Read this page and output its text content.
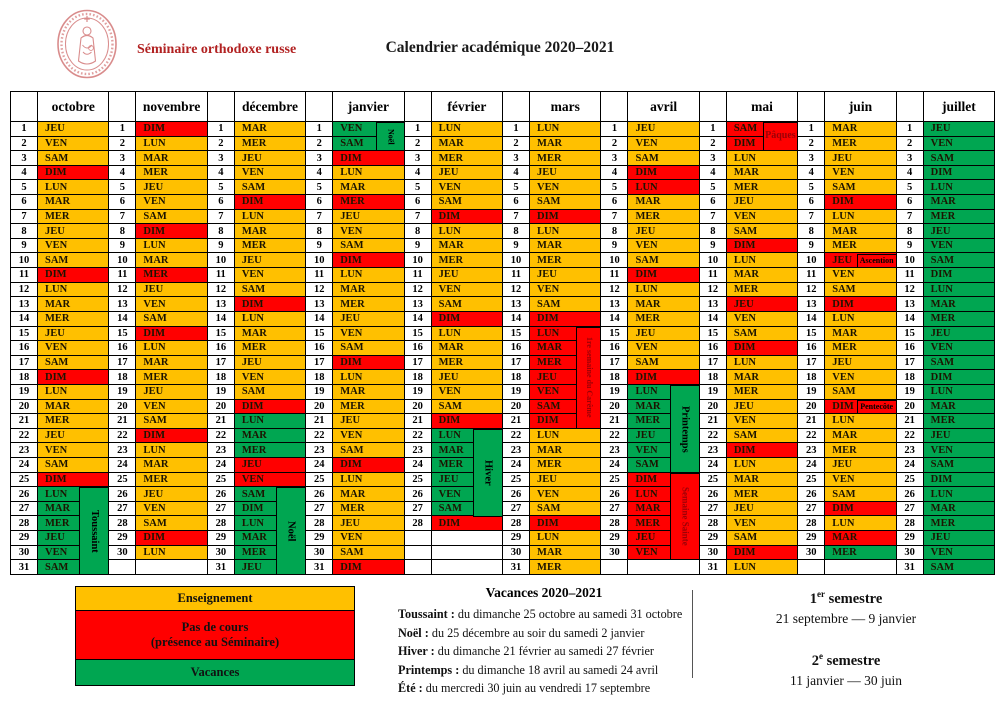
Séminaire orthodoxe russe	Calendrier académique 2020–2021
octobre
1
2
3
4
5
6
7
8
9
10
11
12
13
14
15
16
17
18
19
20
21
22
23
24
25
26
27
28
29
30
31
JEU
VEN
SAM
DIM
LUN
MAR
MER
JEU
VEN
SAM
DIM
LUN
MAR
MER
JEU
VEN
SAM
DIM
LUN
MAR
MER
JEU
VEN
SAM
DIM
LUN
MAR
MER
JEU
VEN
SAM
Toussaint
novembre
1
2
3
4
5
6
7
8
9
10
11
12
13
14
15
16
17
18
19
20
21
22
23
24
25
26
27
28
29
30
DIM
LUN
MAR
MER
JEU
VEN
SAM
DIM
LUN
MAR
MER
JEU
VEN
SAM
DIM
LUN
MAR
MER
JEU
VEN
SAM
DIM
LUN
MAR
MER
JEU
VEN
SAM
DIM
LUN
décembre
1
2
3
4
5
6
7
8
9
10
11
12
13
14
15
16
17
18
19
20
21
22
23
24
25
26
27
28
29
30
31
MAR
MER
JEU
VEN
SAM
DIM
LUN
MAR
MER
JEU
VEN
SAM
DIM
LUN
MAR
MER
JEU
VEN
SAM
DIM
LUN
MAR
MER
JEU
VEN
SAM
DIM
LUN
MAR
MER
JEU
Noël
janvier
1
2
3
4
5
6
7
8
9
10
11
12
13
14
15
16
17
18
19
20
21
22
23
24
25
26
27
28
29
30
31
VEN
SAM
DIM
LUN
MAR
MER
JEU
VEN
SAM
DIM
LUN
MAR
MER
JEU
VEN
SAM
DIM
LUN
MAR
MER
JEU
VEN
SAM
DIM
LUN
MAR
MER
JEU
VEN
SAM
DIM
Noël
février
1
2
3
4
5
6
7
8
9
10
11
12
13
14
15
16
17
18
19
20
21
22
23
24
25
26
27
28
LUN
MAR
MER
JEU
VEN
SAM
DIM
LUN
MAR
MER
JEU
VEN
SAM
DIM
LUN
MAR
MER
JEU
VEN
SAM
DIM
LUN
MAR
MER
JEU
VEN
SAM
DIM
Hiver
mars
1
2
3
4
5
6
7
8
9
10
11
12
13
14
15
16
17
18
19
20
21
22
23
24
25
26
27
28
29
30
31
LUN
MAR
MER
JEU
VEN
SAM
DIM
LUN
MAR
MER
JEU
VEN
SAM
DIM
LUN
MAR
MER
JEU
VEN
SAM
DIM
LUN
MAR
MER
JEU
VEN
SAM
DIM
LUN
MAR
MER
1re semaine du Carême
avril
1
2
3
4
5
6
7
8
9
10
11
12
13
14
15
16
17
18
19
20
21
22
23
24
25
26
27
28
29
30
JEU
VEN
SAM
DIM
LUN
MAR
MER
JEU
VEN
SAM
DIM
LUN
MAR
MER
JEU
VEN
SAM
DIM
LUN
MAR
MER
JEU
VEN
SAM
DIM
LUN
MAR
MER
JEU
VEN
Printemps
Semaine Sainte
mai
1
2
3
4
5
6
7
8
9
10
11
12
13
14
15
16
17
18
19
20
21
22
23
24
25
26
27
28
29
30
31
SAM
DIM
LUN
MAR
MER
JEU
VEN
SAM
DIM
LUN
MAR
MER
JEU
VEN
SAM
DIM
LUN
MAR
MER
JEU
VEN
SAM
DIM
LUN
MAR
MER
JEU
VEN
SAM
DIM
LUN
Pâques
juin
1
2
3
4
5
6
7
8
9
10
11
12
13
14
15
16
17
18
19
20
21
22
23
24
25
26
27
28
29
30
MAR
MER
JEU
VEN
SAM
DIM
LUN
MAR
MER
JEU
VEN
SAM
DIM
LUN
MAR
MER
JEU
VEN
SAM
DIM
LUN
MAR
MER
JEU
VEN
SAM
DIM
LUN
MAR
MER
Ascention
Pentecôte
juillet
1
2
3
4
5
6
7
8
9
10
11
12
13
14
15
16
17
18
19
20
21
22
23
24
25
26
27
28
29
30
31
JEU
VEN
SAM
DIM
LUN
MAR
MER
JEU
VEN
SAM
DIM
LUN
MAR
MER
JEU
VEN
SAM
DIM
LUN
MAR
MER
JEU
VEN
SAM
DIM
LUN
MAR
MER
JEU
VEN
SAM
Enseignement
Pas de cours
(présence au Séminaire)
Vacances
Vacances 2020–2021
Toussaint : du dimanche 25 octobre au samedi 31 octobre
Noël : du 25 décembre au soir du samedi 2 janvier
Hiver : du dimanche 21 février au samedi 27 février
Printemps : du dimanche 18 avril au samedi 24 avril
Été : du mercredi 30 juin au vendredi 17 septembre
1er semestre
21 septembre — 9 janvier
2e semestre
11 janvier — 30 juin
